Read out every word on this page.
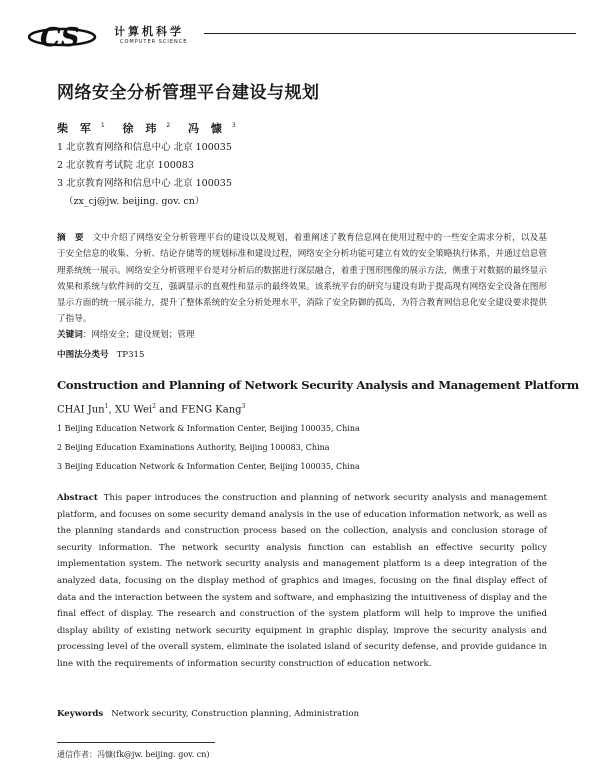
CS	计算机科学
COMPUTER SCIENCE
网络安全分析管理平台建设与规划
柴 军 $^1$ 徐 玮 $^2$ 冯 慷 $^3$
1 北京教育网络和信息中心 北京 100035
2 北京教育考试院 北京 100083
3 北京教育网络和信息中心 北京 100035
（zx_cj@jw. beijing. gov. cn）
摘 要 文中介绍了网络安全分析管理平台的建设以及规划，着重阐述了教育信息网在使用过程中的一些安全需求分析，以及基于安全信息的收集、分析、结论存储等的规划标准和建设过程，网络安全分析功能可建立有效的安全策略执行体系，并通过信息管理系统统一展示。网络安全分析管理平台是对分析后的数据进行深层融合，着重于图形图像的展示方法，侧重于对数据的最终显示效果和系统与软件间的交互，强调显示的直观性和显示的最终效果。该系统平台的研究与建设有助于提高现有网络安全设备在图形显示方面的统一展示能力，提升了整体系统的安全分析处理水平，消除了安全防御的孤岛，为符合教育网信息化安全建设要求提供了指导。
关键词：网络安全；建设规划；管理
中图法分类号 TP315
Construction and Planning of Network Security Analysis and Management Platform
CHAI Jun$^1$, XU Wei$^2$ and FENG Kang$^3$
1 Beijing Education Network & Information Center, Beijing 100035, China
2 Beijing Education Examinations Authority, Beijing 100083, China
3 Beijing Education Network & Information Center, Beijing 100035, China
Abstract This paper introduces the construction and planning of network security analysis and management platform, and focuses on some security demand analysis in the use of education information network, as well as the planning standards and construction process based on the collection, analysis and conclusion storage of security information. The network security analysis function can establish an effective security policy implementation system. The network security analysis and management platform is a deep integration of the analyzed data, focusing on the display method of graphics and images, focusing on the final display effect of data and the interaction between the system and software, and emphasizing the intuitiveness of display and the final effect of display. The research and construction of the system platform will help to improve the unified display ability of existing network security equipment in graphic display, improve the security analysis and processing level of the overall system, eliminate the isolated island of security defense, and provide guidance in line with the requirements of information security construction of education network.
Keywords Network security, Construction planning, Administration
通信作者：冯慷(fk@jw. beijing. gov. cn)
